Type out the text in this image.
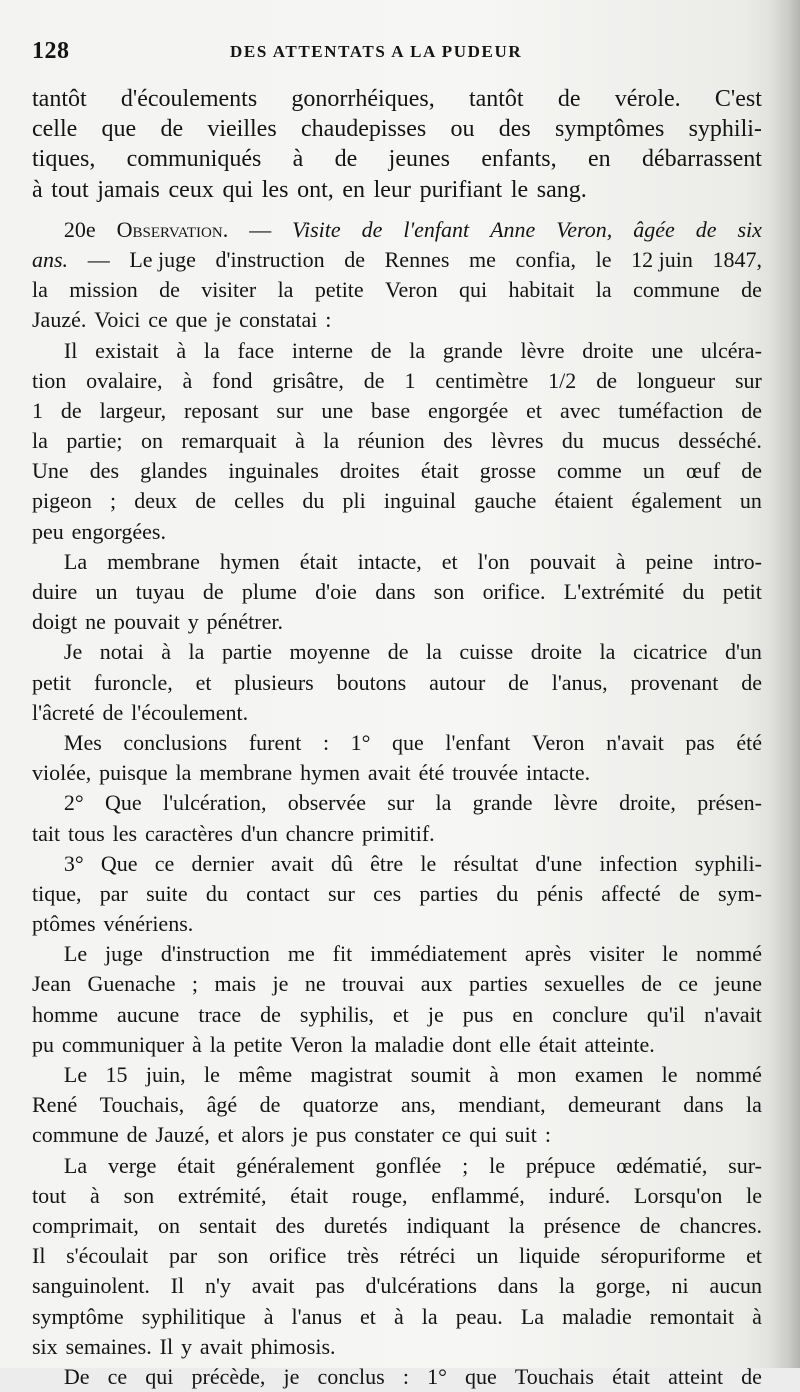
128	DES ATTENTATS A LA PUDEUR
tantôt d'écoulements gonorrhéiques, tantôt de vérole. C'est
celle que de vieilles chaudepisses ou des symptômes syphili-
tiques, communiqués à de jeunes enfants, en débarrassent
à tout jamais ceux qui les ont, en leur purifiant le sang.
20e Observation. — Visite de l'enfant Anne Veron, âgée de six
ans. — Le juge d'instruction de Rennes me confia, le 12 juin 1847,
la mission de visiter la petite Veron qui habitait la commune de
Jauzé. Voici ce que je constatai :
Il existait à la face interne de la grande lèvre droite une ulcéra-
tion ovalaire, à fond grisâtre, de 1 centimètre 1/2 de longueur sur
1 de largeur, reposant sur une base engorgée et avec tuméfaction de
la partie; on remarquait à la réunion des lèvres du mucus desséché.
Une des glandes inguinales droites était grosse comme un œuf de
pigeon ; deux de celles du pli inguinal gauche étaient également un
peu engorgées.
La membrane hymen était intacte, et l'on pouvait à peine intro-
duire un tuyau de plume d'oie dans son orifice. L'extrémité du petit
doigt ne pouvait y pénétrer.
Je notai à la partie moyenne de la cuisse droite la cicatrice d'un
petit furoncle, et plusieurs boutons autour de l'anus, provenant de
l'âcreté de l'écoulement.
Mes conclusions furent : 1° que l'enfant Veron n'avait pas été
violée, puisque la membrane hymen avait été trouvée intacte.
2° Que l'ulcération, observée sur la grande lèvre droite, présen-
tait tous les caractères d'un chancre primitif.
3° Que ce dernier avait dû être le résultat d'une infection syphili-
tique, par suite du contact sur ces parties du pénis affecté de sym-
ptômes vénériens.
Le juge d'instruction me fit immédiatement après visiter le nommé
Jean Guenache ; mais je ne trouvai aux parties sexuelles de ce jeune
homme aucune trace de syphilis, et je pus en conclure qu'il n'avait
pu communiquer à la petite Veron la maladie dont elle était atteinte.
Le 15 juin, le même magistrat soumit à mon examen le nommé
René Touchais, âgé de quatorze ans, mendiant, demeurant dans la
commune de Jauzé, et alors je pus constater ce qui suit :
La verge était généralement gonflée ; le prépuce œdématié, sur-
tout à son extrémité, était rouge, enflammé, induré. Lorsqu'on le
comprimait, on sentait des duretés indiquant la présence de chancres.
Il s'écoulait par son orifice très rétréci un liquide séropuriforme et
sanguinolent. Il n'y avait pas d'ulcérations dans la gorge, ni aucun
symptôme syphilitique à l'anus et à la peau. La maladie remontait à
six semaines. Il y avait phimosis.
De ce qui précède, je conclus : 1° que Touchais était atteint de
